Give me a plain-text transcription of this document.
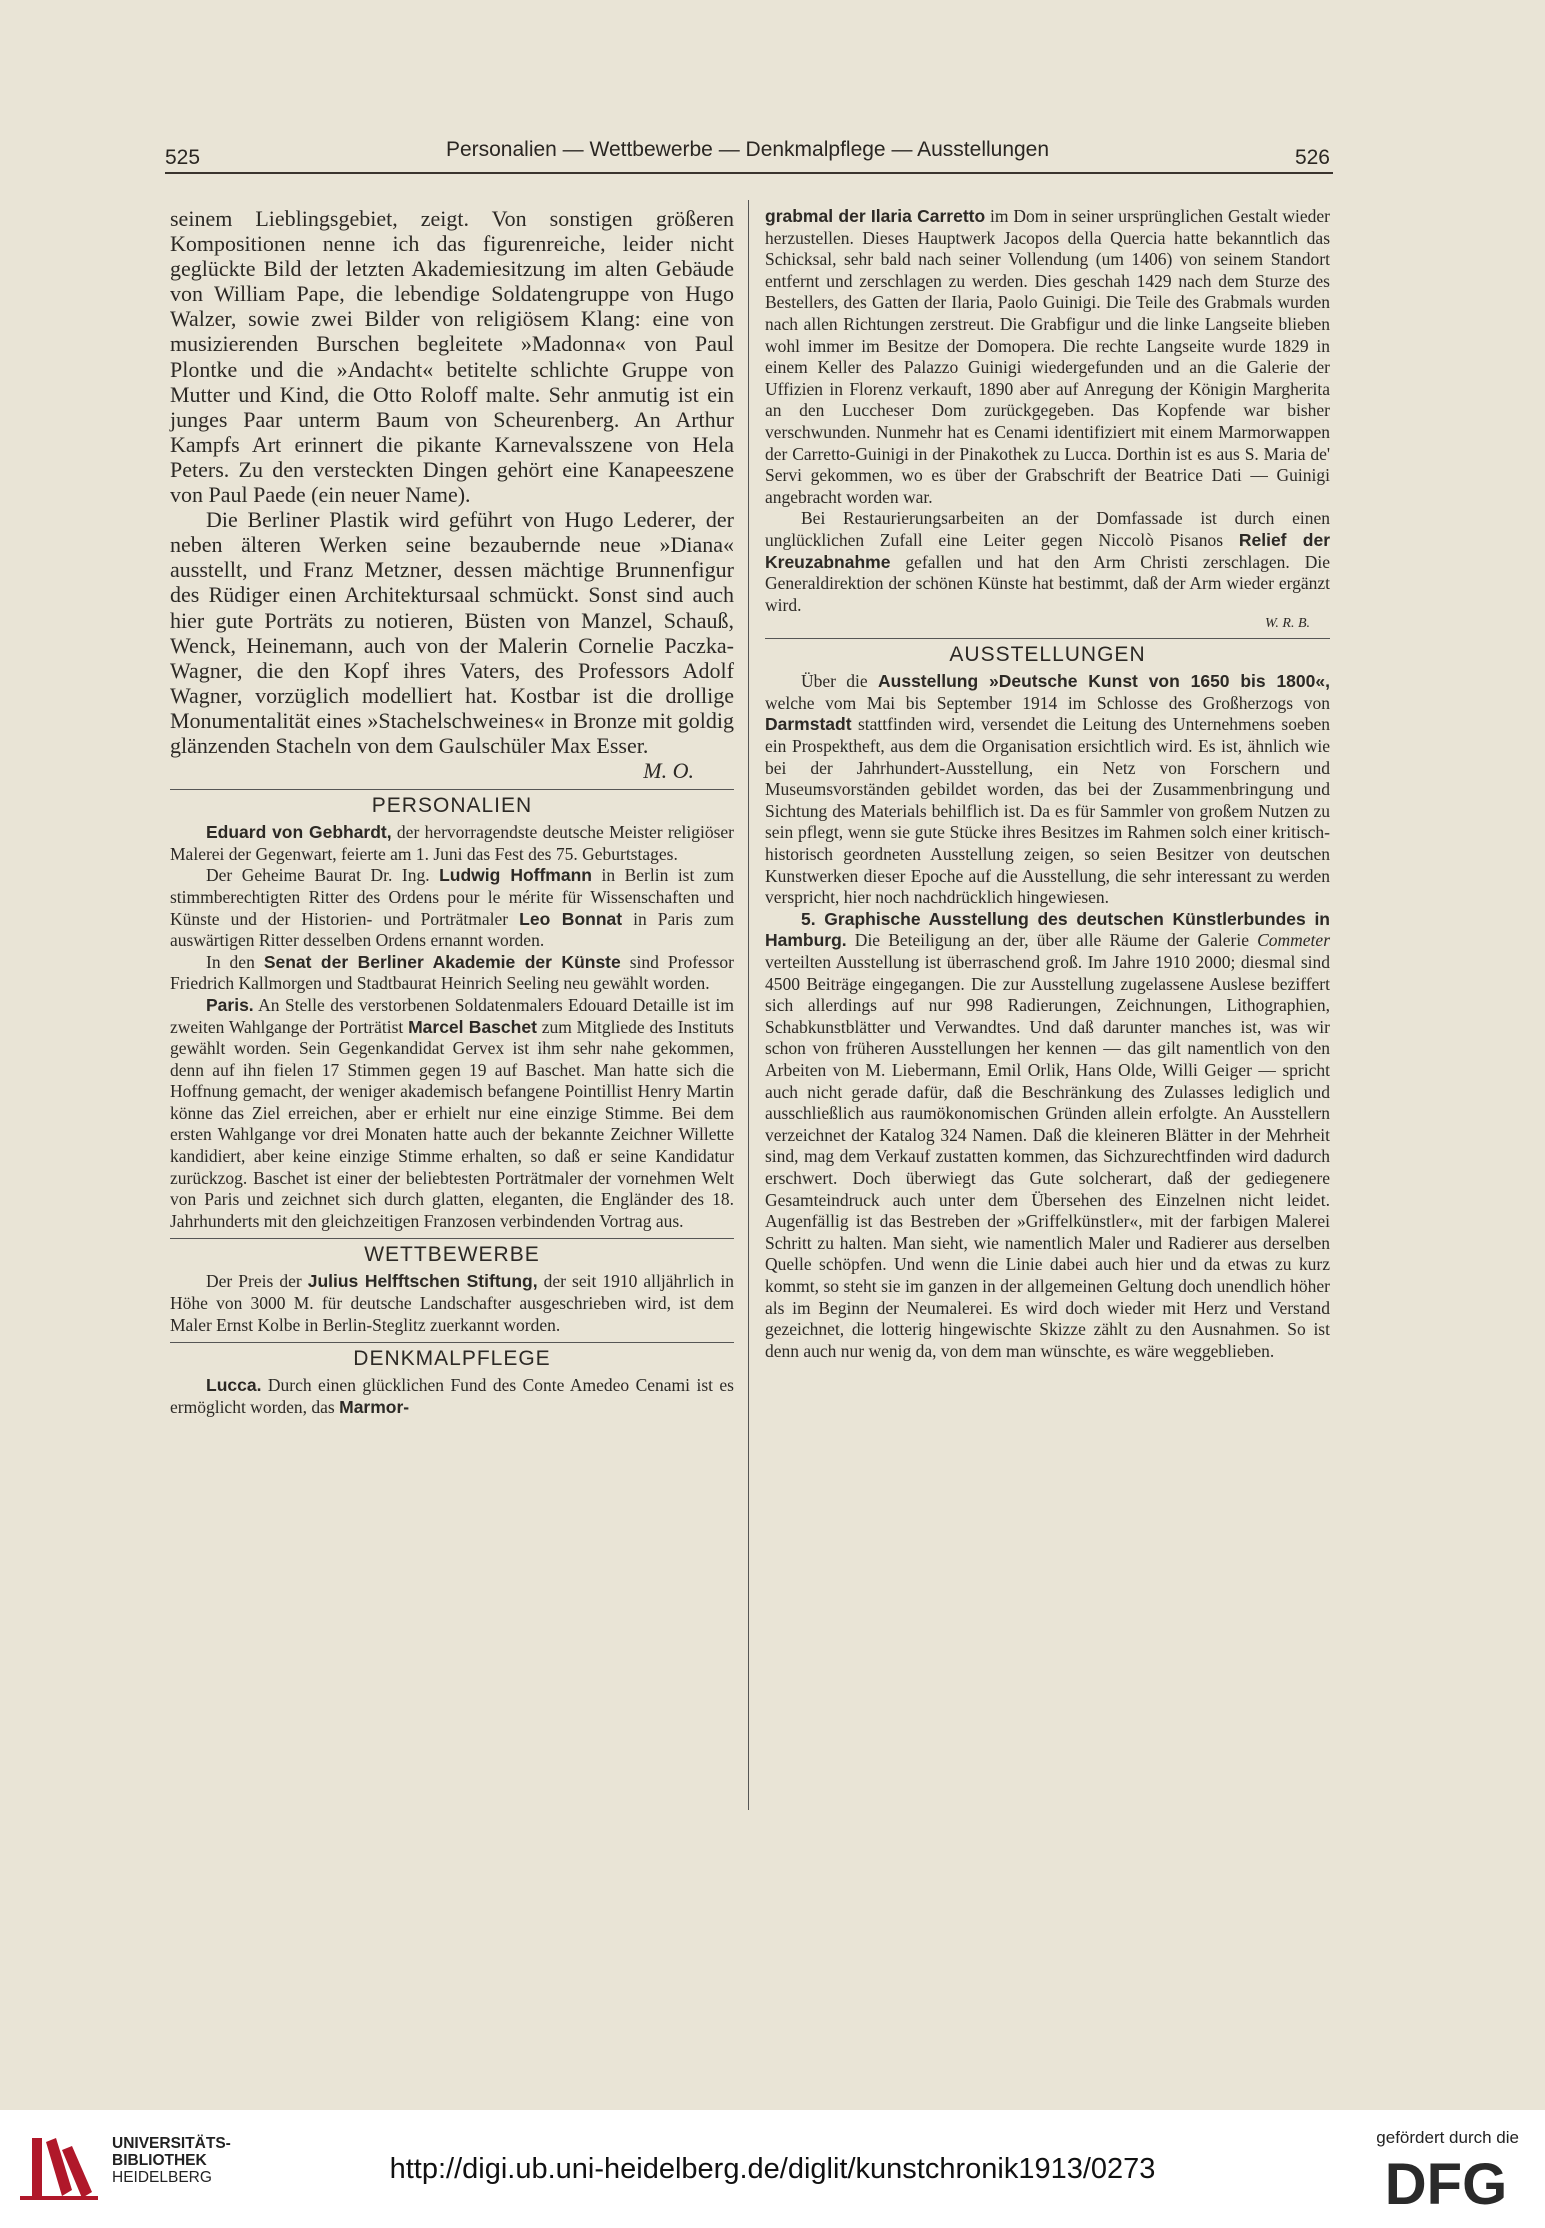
525	Personalien — Wettbewerbe — Denkmalpflege — Ausstellungen	526

seinem Lieblingsgebiet, zeigt. Von sonstigen größeren Kompositionen nenne ich das figurenreiche, leider nicht geglückte Bild der letzten Akademiesitzung im alten Gebäude von William Pape, die lebendige Soldatengruppe von Hugo Walzer, sowie zwei Bilder von religiösem Klang: eine von musizierenden Burschen begleitete »Madonna« von Paul Plontke und die »Andacht« betitelte schlichte Gruppe von Mutter und Kind, die Otto Roloff malte. Sehr anmutig ist ein junges Paar unterm Baum von Scheurenberg. An Arthur Kampfs Art erinnert die pikante Karnevalsszene von Hela Peters. Zu den versteckten Dingen gehört eine Kanapeeszene von Paul Paede (ein neuer Name).

Die Berliner Plastik wird geführt von Hugo Lederer, der neben älteren Werken seine bezaubernde neue »Diana« ausstellt, und Franz Metzner, dessen mächtige Brunnenfigur des Rüdiger einen Architektursaal schmückt. Sonst sind auch hier gute Porträts zu notieren, Büsten von Manzel, Schauß, Wenck, Heinemann, auch von der Malerin Cornelie Paczka-Wagner, die den Kopf ihres Vaters, des Professors Adolf Wagner, vorzüglich modelliert hat. Kostbar ist die drollige Monumentalität eines »Stachelschweines« in Bronze mit goldig glänzenden Stacheln von dem Gaulschüler Max Esser.

M. O.

PERSONALIEN

Eduard von Gebhardt, der hervorragendste deutsche Meister religiöser Malerei der Gegenwart, feierte am 1. Juni das Fest des 75. Geburtstages.

Der Geheime Baurat Dr. Ing. Ludwig Hoffmann in Berlin ist zum stimmberechtigten Ritter des Ordens pour le mérite für Wissenschaften und Künste und der Historien- und Porträtmaler Leo Bonnat in Paris zum auswärtigen Ritter desselben Ordens ernannt worden.

In den Senat der Berliner Akademie der Künste sind Professor Friedrich Kallmorgen und Stadtbaurat Heinrich Seeling neu gewählt worden.

Paris. An Stelle des verstorbenen Soldatenmalers Edouard Detaille ist im zweiten Wahlgange der Porträtist Marcel Baschet zum Mitgliede des Instituts gewählt worden. Sein Gegenkandidat Gervex ist ihm sehr nahe gekommen, denn auf ihn fielen 17 Stimmen gegen 19 auf Baschet. Man hatte sich die Hoffnung gemacht, der weniger akademisch befangene Pointillist Henry Martin könne das Ziel erreichen, aber er erhielt nur eine einzige Stimme. Bei dem ersten Wahlgange vor drei Monaten hatte auch der bekannte Zeichner Willette kandidiert, aber keine einzige Stimme erhalten, so daß er seine Kandidatur zurückzog. Baschet ist einer der beliebtesten Porträtmaler der vornehmen Welt von Paris und zeichnet sich durch glatten, eleganten, die Engländer des 18. Jahrhunderts mit den gleichzeitigen Franzosen verbindenden Vortrag aus.

WETTBEWERBE

Der Preis der Julius Helfftschen Stiftung, der seit 1910 alljährlich in Höhe von 3000 M. für deutsche Landschafter ausgeschrieben wird, ist dem Maler Ernst Kolbe in Berlin-Steglitz zuerkannt worden.

DENKMALPFLEGE

Lucca. Durch einen glücklichen Fund des Conte Amedeo Cenami ist es ermöglicht worden, das Marmor-

grabmal der Ilaria Carretto im Dom in seiner ursprünglichen Gestalt wieder herzustellen. Dieses Hauptwerk Jacopos della Quercia hatte bekanntlich das Schicksal, sehr bald nach seiner Vollendung (um 1406) von seinem Standort entfernt und zerschlagen zu werden. Dies geschah 1429 nach dem Sturze des Bestellers, des Gatten der Ilaria, Paolo Guinigi. Die Teile des Grabmals wurden nach allen Richtungen zerstreut. Die Grabfigur und die linke Langseite blieben wohl immer im Besitze der Domopera. Die rechte Langseite wurde 1829 in einem Keller des Palazzo Guinigi wiedergefunden und an die Galerie der Uffizien in Florenz verkauft, 1890 aber auf Anregung der Königin Margherita an den Luccheser Dom zurückgegeben. Das Kopfende war bisher verschwunden. Nunmehr hat es Cenami identifiziert mit einem Marmorwappen der Carretto-Guinigi in der Pinakothek zu Lucca. Dorthin ist es aus S. Maria de' Servi gekommen, wo es über der Grabschrift der Beatrice Dati — Guinigi angebracht worden war.

Bei Restaurierungsarbeiten an der Domfassade ist durch einen unglücklichen Zufall eine Leiter gegen Niccolò Pisanos Relief der Kreuzabnahme gefallen und hat den Arm Christi zerschlagen. Die Generaldirektion der schönen Künste hat bestimmt, daß der Arm wieder ergänzt wird.

W. R. B.

AUSSTELLUNGEN

Über die Ausstellung »Deutsche Kunst von 1650 bis 1800«, welche vom Mai bis September 1914 im Schlosse des Großherzogs von Darmstadt stattfinden wird, versendet die Leitung des Unternehmens soeben ein Prospektheft, aus dem die Organisation ersichtlich wird. Es ist, ähnlich wie bei der Jahrhundert-Ausstellung, ein Netz von Forschern und Museumsvorständen gebildet worden, das bei der Zusammenbringung und Sichtung des Materials behilflich ist. Da es für Sammler von großem Nutzen zu sein pflegt, wenn sie gute Stücke ihres Besitzes im Rahmen solch einer kritisch-historisch geordneten Ausstellung zeigen, so seien Besitzer von deutschen Kunstwerken dieser Epoche auf die Ausstellung, die sehr interessant zu werden verspricht, hier noch nachdrücklich hingewiesen.

5. Graphische Ausstellung des deutschen Künstlerbundes in Hamburg. Die Beteiligung an der, über alle Räume der Galerie Commeter verteilten Ausstellung ist überraschend groß. Im Jahre 1910 2000; diesmal sind 4500 Beiträge eingegangen. Die zur Ausstellung zugelassene Auslese beziffert sich allerdings auf nur 998 Radierungen, Zeichnungen, Lithographien, Schabkunstblätter und Verwandtes. Und daß darunter manches ist, was wir schon von früheren Ausstellungen her kennen — das gilt namentlich von den Arbeiten von M. Liebermann, Emil Orlik, Hans Olde, Willi Geiger — spricht auch nicht gerade dafür, daß die Beschränkung des Zulasses lediglich und ausschließlich aus raumökonomischen Gründen allein erfolgte. An Ausstellern verzeichnet der Katalog 324 Namen. Daß die kleineren Blätter in der Mehrheit sind, mag dem Verkauf zustatten kommen, das Sichzurechtfinden wird dadurch erschwert. Doch überwiegt das Gute solcherart, daß der gediegenere Gesamteindruck auch unter dem Übersehen des Einzelnen nicht leidet. Augenfällig ist das Bestreben der »Griffelkünstler«, mit der farbigen Malerei Schritt zu halten. Man sieht, wie namentlich Maler und Radierer aus derselben Quelle schöpfen. Und wenn die Linie dabei auch hier und da etwas zu kurz kommt, so steht sie im ganzen in der allgemeinen Geltung doch unendlich höher als im Beginn der Neumalerei. Es wird doch wieder mit Herz und Verstand gezeichnet, die lotterig hingewischte Skizze zählt zu den Ausnahmen. So ist denn auch nur wenig da, von dem man wünschte, es wäre weggeblieben.

UNIVERSITÄTS-
BIBLIOTHEK
HEIDELBERG	http://digi.ub.uni-heidelberg.de/diglit/kunstchronik1913/0273
gefördert durch die
DFG
